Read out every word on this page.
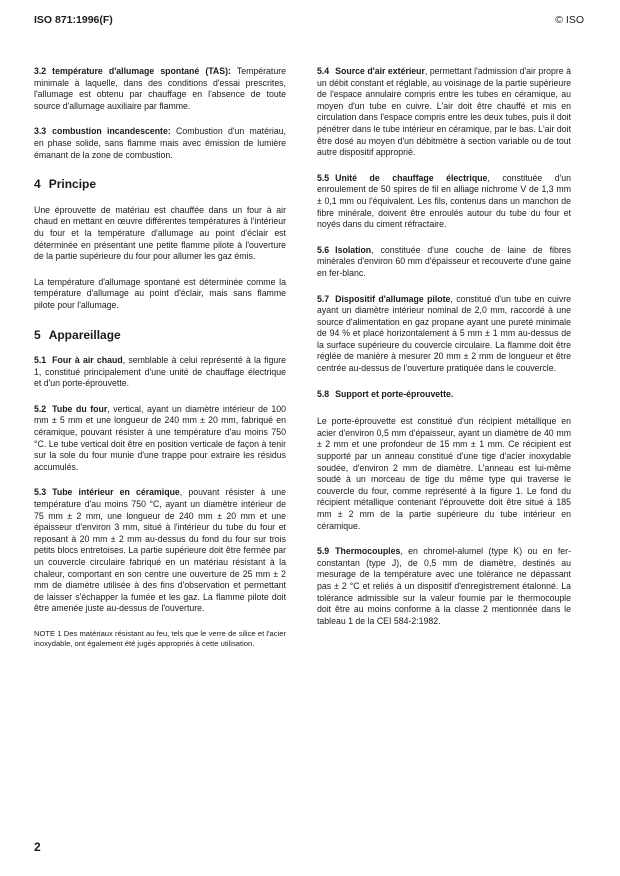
ISO 871:1996(F)	© ISO

3.2 température d'allumage spontané (TAS): Température minimale à laquelle, dans des conditions d'essai prescrites, l'allumage est obtenu par chauffage en l'absence de toute source d'allumage auxiliaire par flamme.

3.3 combustion incandescente: Combustion d'un matériau, en phase solide, sans flamme mais avec émission de lumière émanant de la zone de combustion.

4 Principe

Une éprouvette de matériau est chauffée dans un four à air chaud en mettant en œuvre différentes températures à l'intérieur du four et la température d'allumage au point d'éclair est déterminée en présentant une petite flamme pilote à l'ouverture de la partie supérieure du four pour allumer les gaz émis.

La température d'allumage spontané est déterminée comme la température d'allumage au point d'éclair, mais sans flamme pilote pour l'allumage.

5 Appareillage

5.1 Four à air chaud, semblable à celui représenté à la figure 1, constitué principalement d'une unité de chauffage électrique et d'un porte-éprouvette.

5.2 Tube du four, vertical, ayant un diamètre intérieur de 100 mm ± 5 mm et une longueur de 240 mm ± 20 mm, fabriqué en céramique, pouvant résister à une température d'au moins 750 °C. Le tube vertical doit être en position verticale de façon à tenir sur la sole du four munie d'une trappe pour extraire les résidus accumulés.

5.3 Tube intérieur en céramique, pouvant résister à une température d'au moins 750 °C, ayant un diamètre intérieur de 75 mm ± 2 mm, une longueur de 240 mm ± 20 mm et une épaisseur d'environ 3 mm, situé à l'intérieur du tube du four et reposant à 20 mm ± 2 mm au-dessus du fond du four sur trois petits blocs entretoises. La partie supérieure doit être fermée par un couvercle circulaire fabriqué en un matériau résistant à la chaleur, comportant en son centre une ouverture de 25 mm ± 2 mm de diamètre utilisée à des fins d'observation et permettant de laisser s'échapper la fumée et les gaz. La flamme pilote doit être amenée juste au-dessus de l'ouverture.

NOTE 1 Des matériaux résistant au feu, tels que le verre de silice et l'acier inoxydable, ont également été jugés appropriés à cette utilisation.

5.4 Source d'air extérieur, permettant l'admission d'air propre à un débit constant et réglable, au voisinage de la partie supérieure de l'espace annulaire compris entre les tubes en céramique, au moyen d'un tube en cuivre. L'air doit être chauffé et mis en circulation dans l'espace compris entre les deux tubes, puis il doit pénétrer dans le tube intérieur en céramique, par le bas. L'air doit être dosé au moyen d'un débitmètre à section variable ou de tout autre dispositif approprié.

5.5 Unité de chauffage électrique, constituée d'un enroulement de 50 spires de fil en alliage nichrome V de 1,3 mm ± 0,1 mm ou l'équivalent. Les fils, contenus dans un manchon de fibre minérale, doivent être enroulés autour du tube du four et noyés dans du ciment réfractaire.

5.6 Isolation, constituée d'une couche de laine de fibres minérales d'environ 60 mm d'épaisseur et recouverte d'une gaine en fer-blanc.

5.7 Dispositif d'allumage pilote, constitué d'un tube en cuivre ayant un diamètre intérieur nominal de 2,0 mm, raccordé à une source d'alimentation en gaz propane ayant une pureté minimale de 94 % et placé horizontalement à 5 mm ± 1 mm au-dessus de la surface supérieure du couvercle circulaire. La flamme doit être réglée de manière à mesurer 20 mm ± 2 mm de longueur et être centrée au-dessus de l'ouverture pratiquée dans le couvercle.

5.8 Support et porte-éprouvette.

Le porte-éprouvette est constitué d'un récipient métallique en acier d'environ 0,5 mm d'épaisseur, ayant un diamètre de 40 mm ± 2 mm et une profondeur de 15 mm ± 1 mm. Ce récipient est supporté par un anneau constitué d'une tige d'acier inoxydable soudée, d'environ 2 mm de diamètre. L'anneau est lui-même soudé à un morceau de tige du même type qui traverse le couvercle du four, comme représenté à la figure 1. Le fond du récipient métallique contenant l'éprouvette doit être situé à 185 mm ± 2 mm de la partie supérieure du tube intérieur en céramique.

5.9 Thermocouples, en chromel-alumel (type K) ou en fer-constantan (type J), de 0,5 mm de diamètre, destinés au mesurage de la température avec une tolérance ne dépassant pas ± 2 °C et reliés à un dispositif d'enregistrement étalonné. La tolérance admissible sur la valeur fournie par le thermocouple doit être au moins conforme à la classe 2 mentionnée dans le tableau 1 de la CEI 584-2:1982.

2
